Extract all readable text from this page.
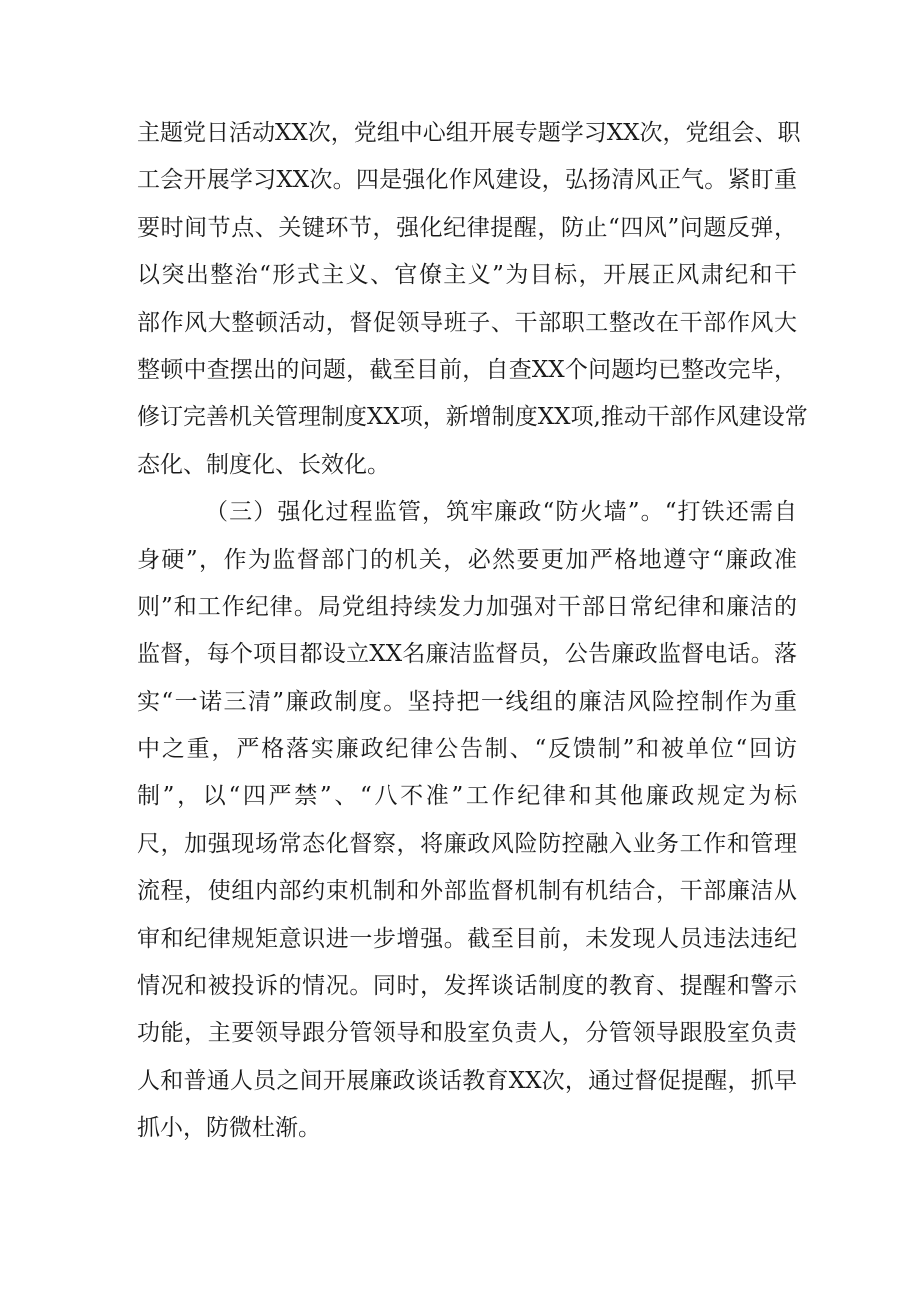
主题党日活动XX次，党组中心组开展专题学习XX次，党组会、职
工会开展学习XX次。四是强化作风建设，弘扬清风正气。紧盯重
要时间节点、关键环节，强化纪律提醒，防止“四风”问题反弹，
以突出整治“形式主义、官僚主义”为目标，开展正风肃纪和干
部作风大整顿活动，督促领导班子、干部职工整改在干部作风大
整顿中查摆出的问题，截至目前，自查XX个问题均已整改完毕，
修订完善机关管理制度XX项，新增制度XX项,推动干部作风建设常
态化、制度化、长效化。
（三）强化过程监管，筑牢廉政“防火墙”。“打铁还需自
身硬”，作为监督部门的机关，必然要更加严格地遵守“廉政准
则”和工作纪律。局党组持续发力加强对干部日常纪律和廉洁的
监督，每个项目都设立XX名廉洁监督员，公告廉政监督电话。落
实“一诺三清”廉政制度。坚持把一线组的廉洁风险控制作为重
中之重，严格落实廉政纪律公告制、“反馈制”和被单位“回访
制”，以“四严禁”、“八不准”工作纪律和其他廉政规定为标
尺，加强现场常态化督察，将廉政风险防控融入业务工作和管理
流程，使组内部约束机制和外部监督机制有机结合，干部廉洁从
审和纪律规矩意识进一步增强。截至目前，未发现人员违法违纪
情况和被投诉的情况。同时，发挥谈话制度的教育、提醒和警示
功能，主要领导跟分管领导和股室负责人，分管领导跟股室负责
人和普通人员之间开展廉政谈话教育XX次，通过督促提醒，抓早
抓小，防微杜渐。
